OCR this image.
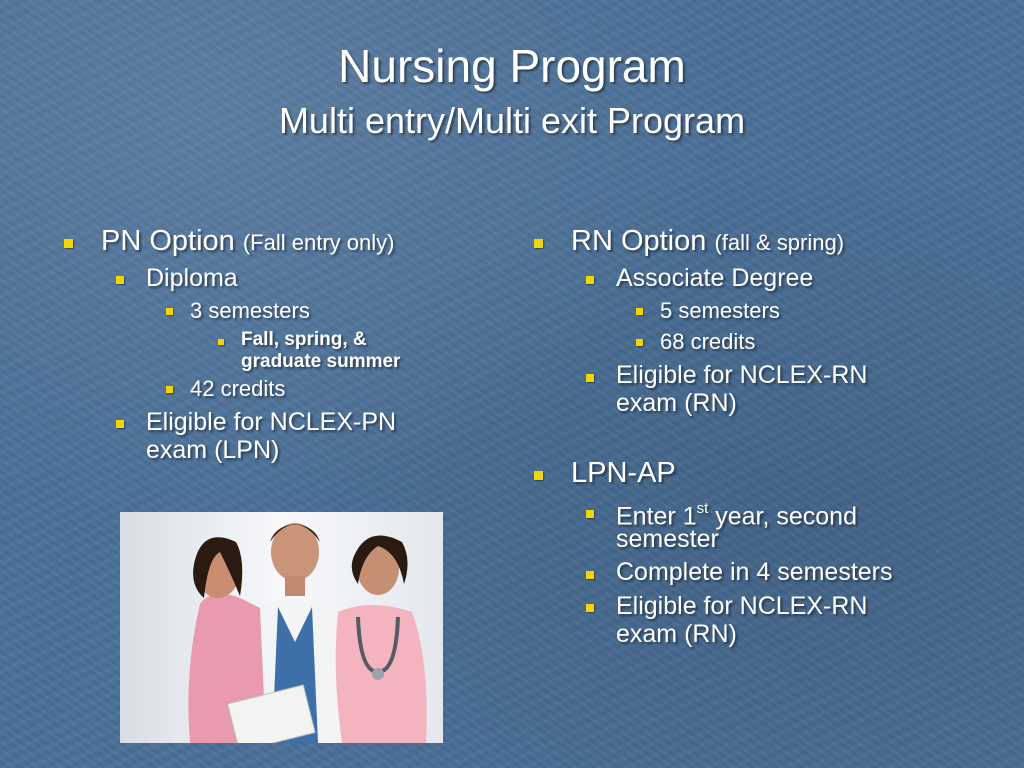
Nursing Program
Multi entry/Multi exit Program
PN Option (Fall entry only)
Diploma
3 semesters
Fall, spring, &
graduate summer
42 credits
Eligible for NCLEX-PN
exam (LPN)
RN Option (fall & spring)
Associate Degree
5 semesters
68 credits
Eligible for NCLEX-RN
exam (RN)
LPN-AP
Enter 1st year, second
semester
Complete in 4 semesters
Eligible for NCLEX-RN
exam (RN)
